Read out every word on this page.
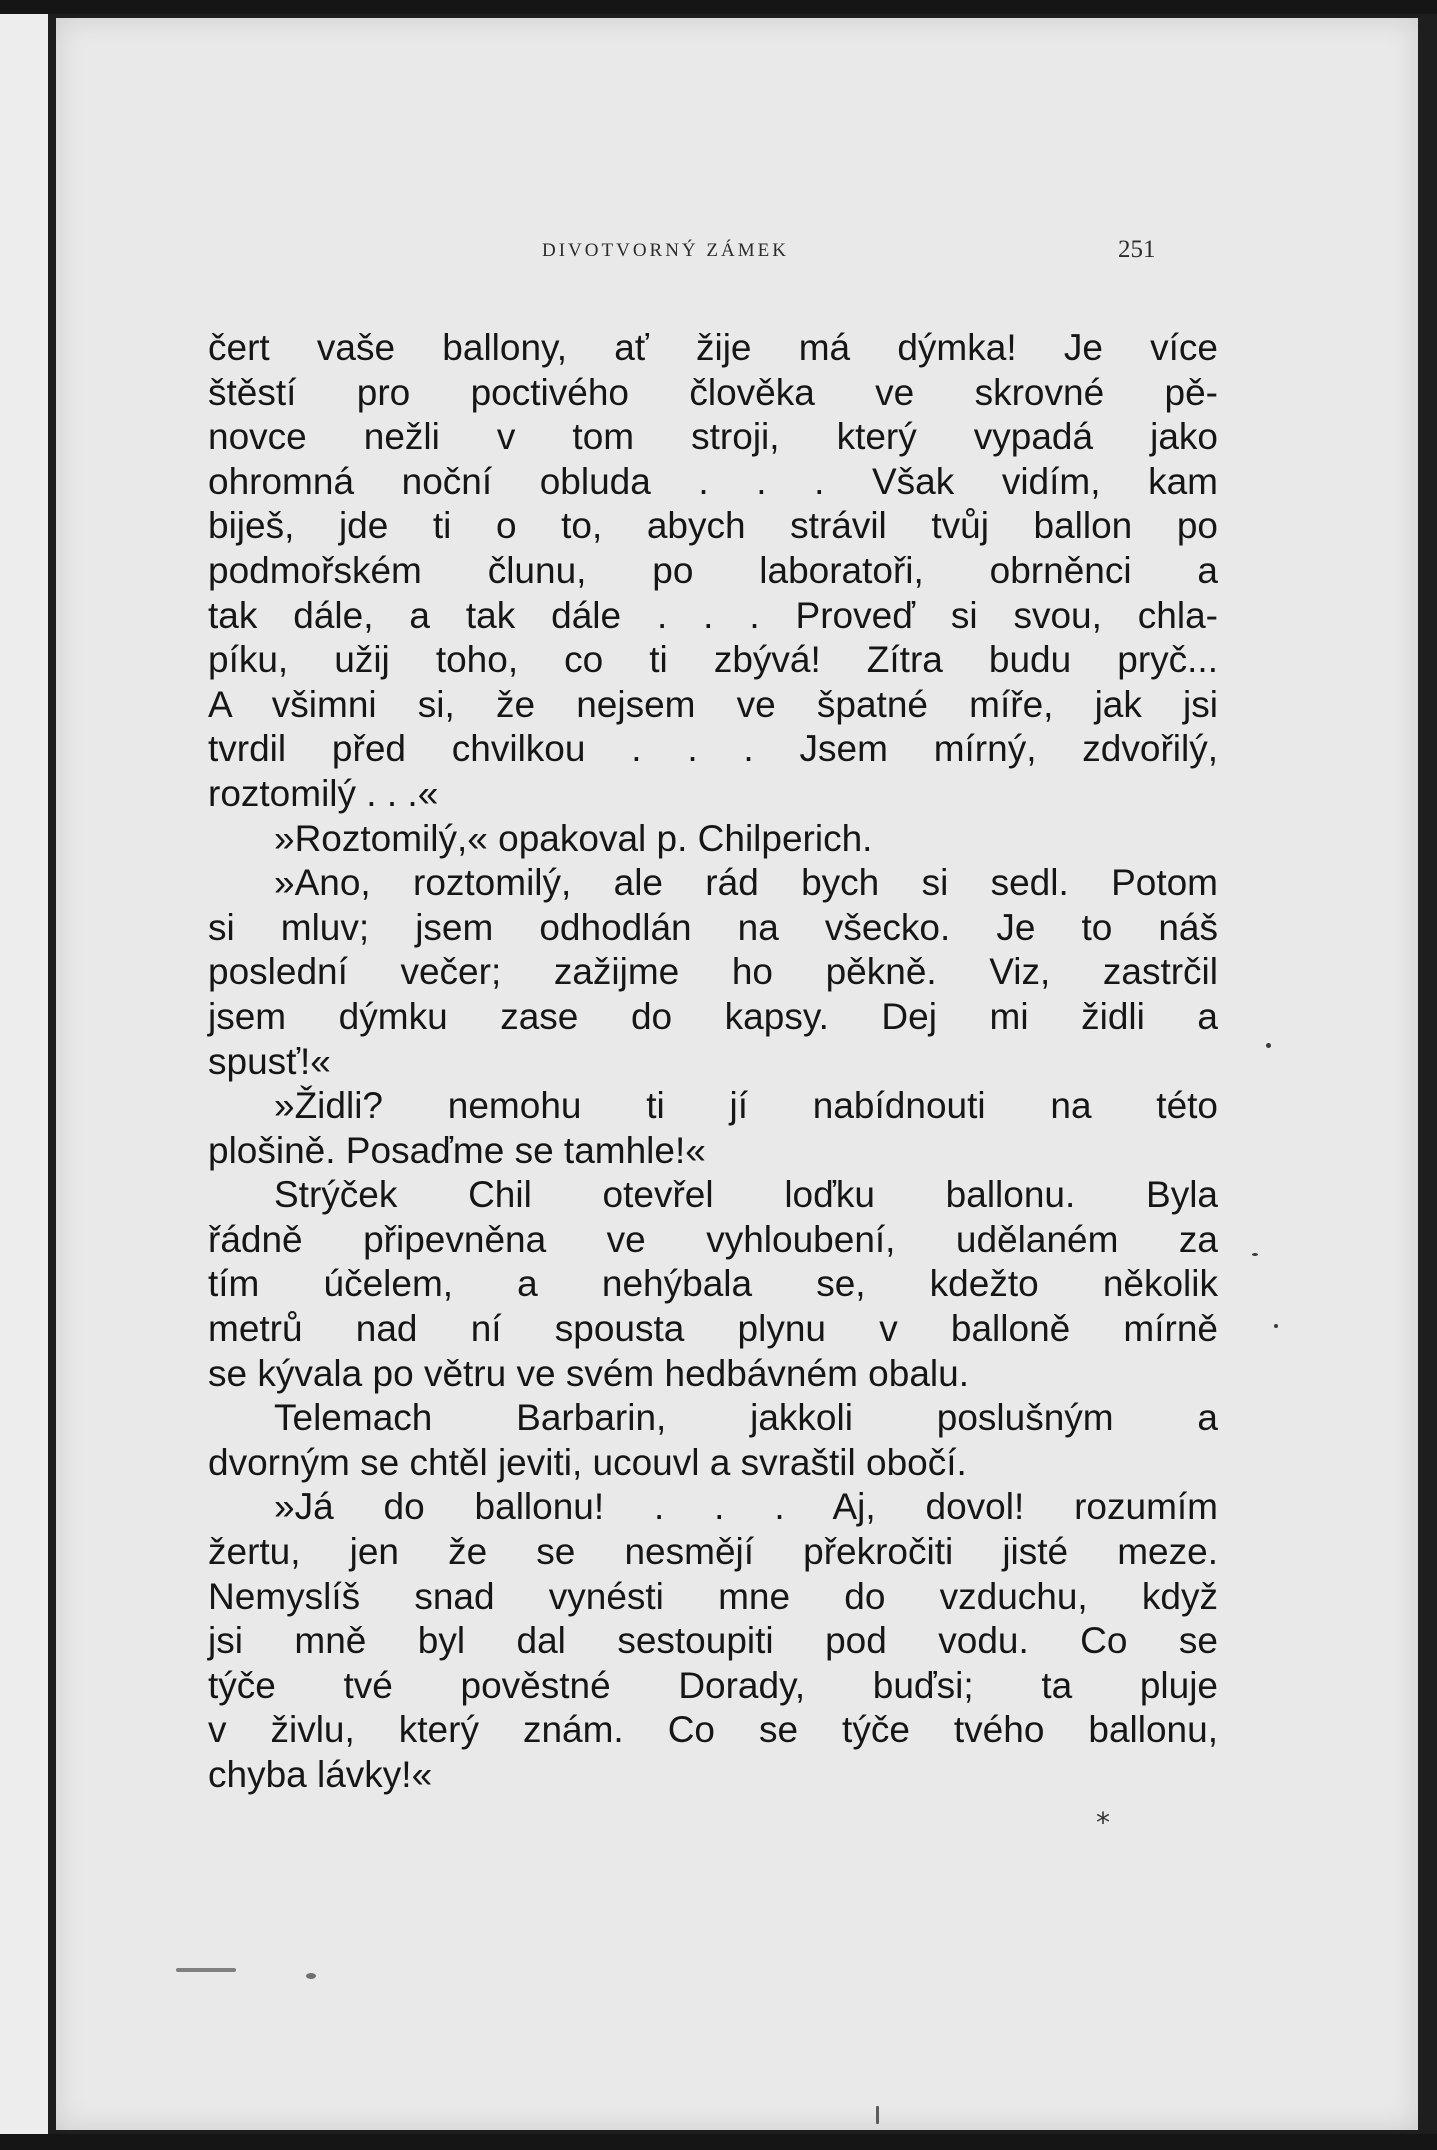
DIVOTVORNÝ ZÁMEK	251
čert vaše ballony, ať žije má dýmka! Je více
štěstí pro poctivého člověka ve skrovné pě-
novce nežli v tom stroji, který vypadá jako
ohromná noční obluda . . . Však vidím, kam
biješ, jde ti o to, abych strávil tvůj ballon po
podmořském člunu, po laboratoři, obrněnci a
tak dále, a tak dále . . . Proveď si svou, chla-
píku, užij toho, co ti zbývá! Zítra budu pryč...
A všimni si, že nejsem ve špatné míře, jak jsi
tvrdil před chvilkou . . . Jsem mírný, zdvořilý,
roztomilý . . .«
»Roztomilý,« opakoval p. Chilperich.
»Ano, roztomilý, ale rád bych si sedl. Potom
si mluv; jsem odhodlán na všecko. Je to náš
poslední večer; zažijme ho pěkně. Viz, zastrčil
jsem dýmku zase do kapsy. Dej mi židli a
spusť!«
»Židli? nemohu ti jí nabídnouti na této
plošině. Posaďme se tamhle!«
Strýček Chil otevřel loďku ballonu. Byla
řádně připevněna ve vyhloubení, udělaném za
tím účelem, a nehýbala se, kdežto několik
metrů nad ní spousta plynu v balloně mírně
se kývala po větru ve svém hedbávném obalu.
Telemach Barbarin, jakkoli poslušným a
dvorným se chtěl jeviti, ucouvl a svraštil obočí.
»Já do ballonu! . . . Aj, dovol! rozumím
žertu, jen že se nesmějí překročiti jisté meze.
Nemyslíš snad vynésti mne do vzduchu, když
jsi mně byl dal sestoupiti pod vodu. Co se
týče tvé pověstné Dorady, buďsi; ta pluje
v živlu, který znám. Co se týče tvého ballonu,
chyba lávky!«
*
